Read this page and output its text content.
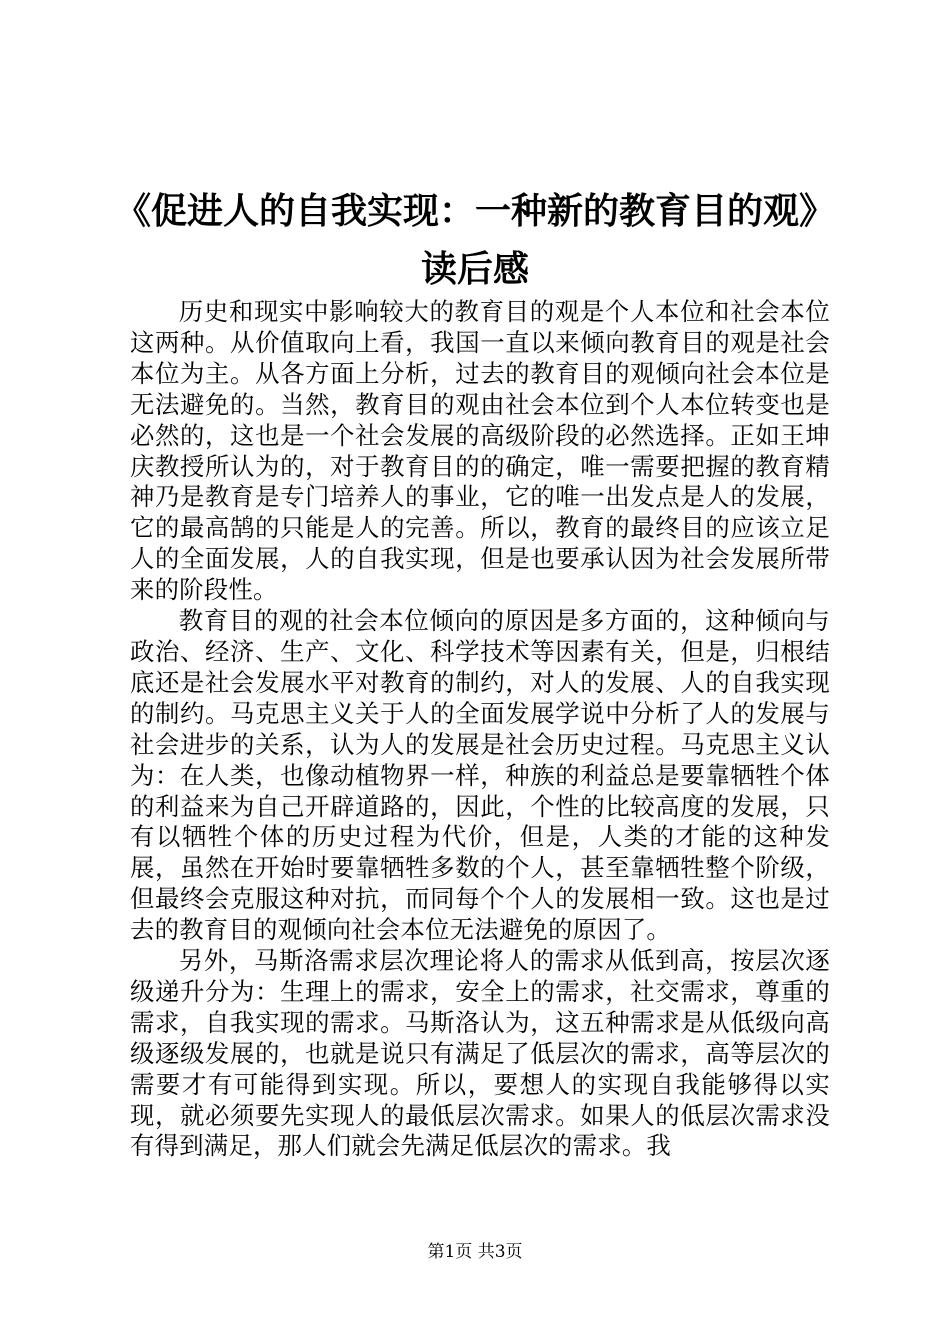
《促进人的自我实现：一种新的教育目的观》
读后感

历史和现实中影响较大的教育目的观是个人本位和社会本位这两种。从价值取向上看，我国一直以来倾向教育目的观是社会本位为主。从各方面上分析，过去的教育目的观倾向社会本位是无法避免的。当然，教育目的观由社会本位到个人本位转变也是必然的，这也是一个社会发展的高级阶段的必然选择。正如王坤庆教授所认为的，对于教育目的的确定，唯一需要把握的教育精神乃是教育是专门培养人的事业，它的唯一出发点是人的发展，它的最高鹄的只能是人的完善。所以，教育的最终目的应该立足人的全面发展，人的自我实现，但是也要承认因为社会发展所带来的阶段性。

教育目的观的社会本位倾向的原因是多方面的，这种倾向与政治、经济、生产、文化、科学技术等因素有关，但是，归根结底还是社会发展水平对教育的制约，对人的发展、人的自我实现的制约。马克思主义关于人的全面发展学说中分析了人的发展与社会进步的关系，认为人的发展是社会历史过程。马克思主义认为：在人类，也像动植物界一样，种族的利益总是要靠牺牲个体的利益来为自己开辟道路的，因此，个性的比较高度的发展，只有以牺牲个体的历史过程为代价，但是，人类的才能的这种发展，虽然在开始时要靠牺牲多数的个人，甚至靠牺牲整个阶级，但最终会克服这种对抗，而同每个个人的发展相一致。这也是过去的教育目的观倾向社会本位无法避免的原因了。

另外，马斯洛需求层次理论将人的需求从低到高，按层次逐级递升分为：生理上的需求，安全上的需求，社交需求，尊重的需求，自我实现的需求。马斯洛认为，这五种需求是从低级向高级逐级发展的，也就是说只有满足了低层次的需求，高等层次的需要才有可能得到实现。所以，要想人的实现自我能够得以实现，就必须要先实现人的最低层次需求。如果人的低层次需求没有得到满足，那人们就会先满足低层次的需求。我

第1页 共3页
